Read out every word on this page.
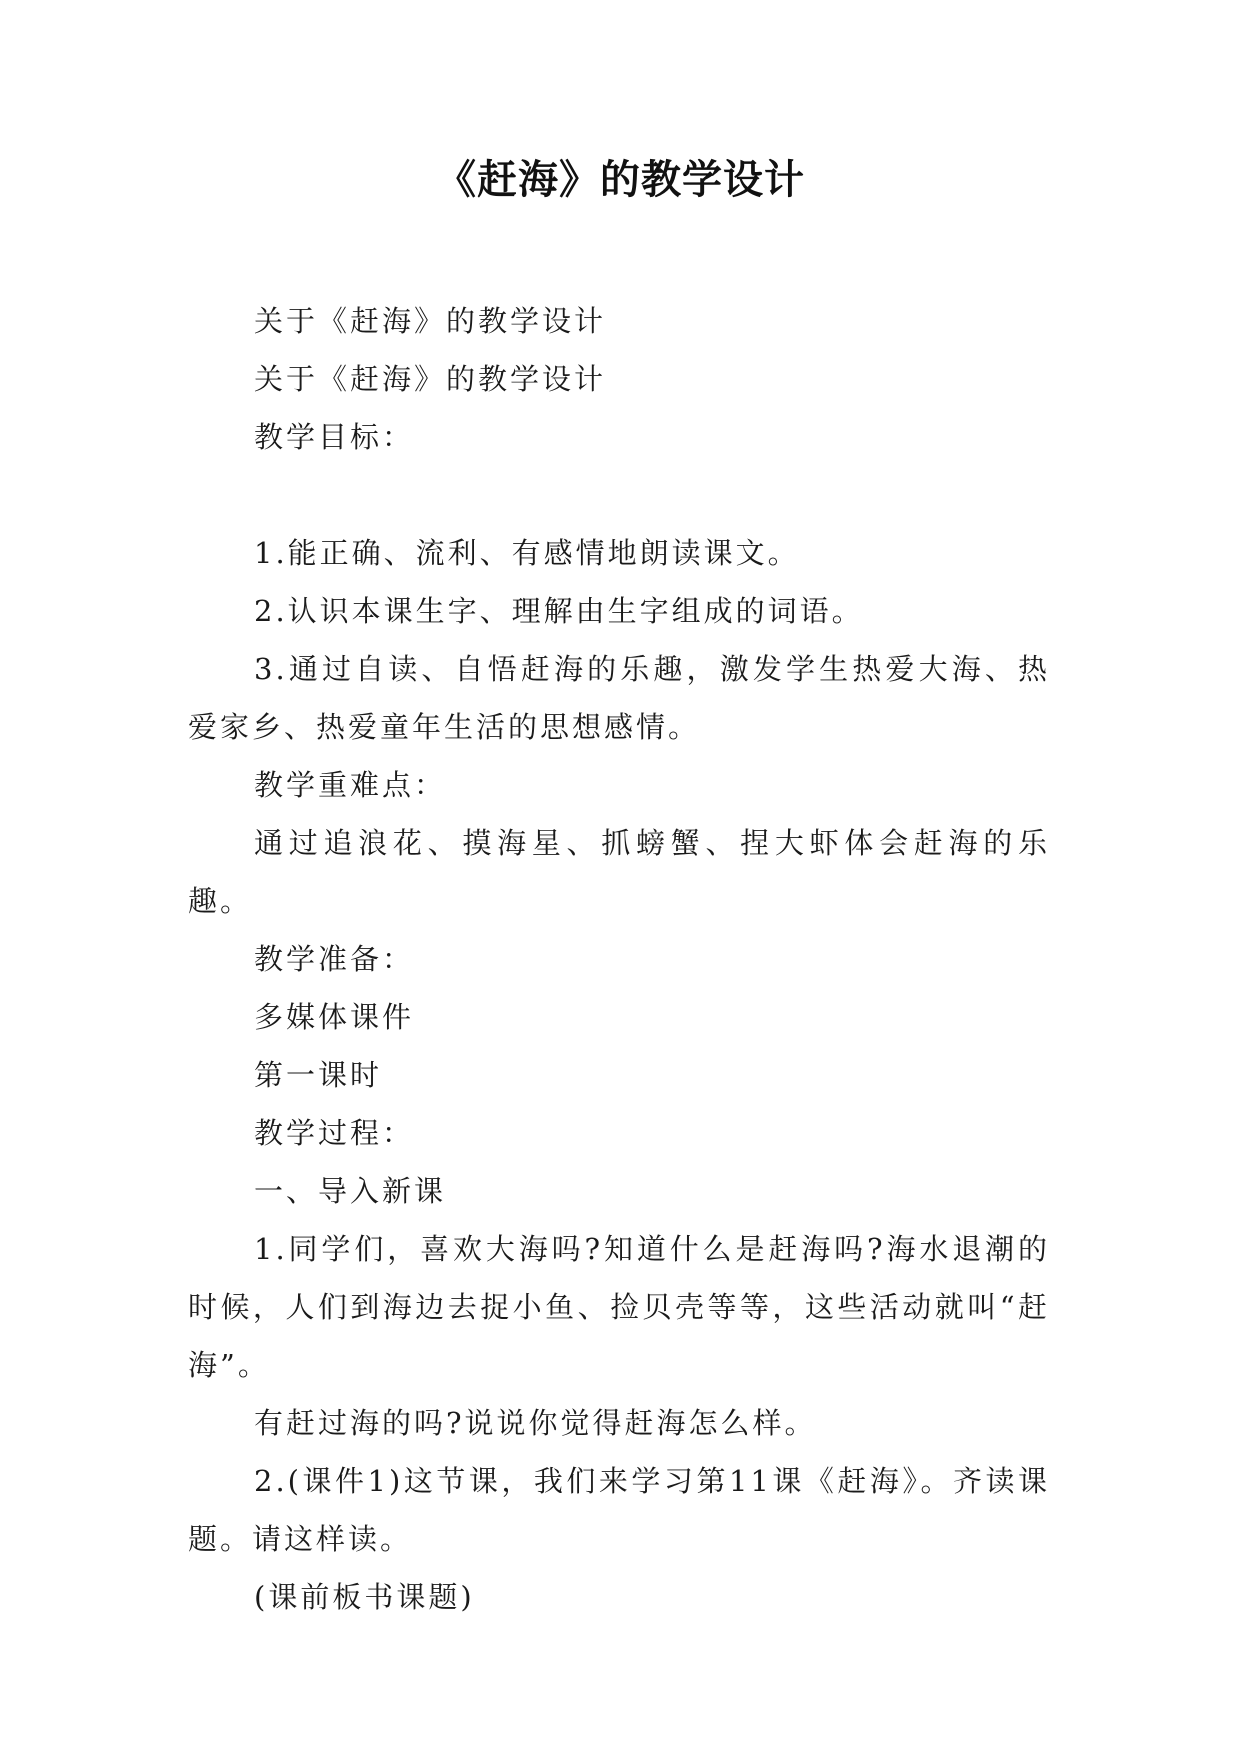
《赶海》的教学设计

关于《赶海》的教学设计

关于《赶海》的教学设计

教学目标：

1.能正确、流利、有感情地朗读课文。

2.认识本课生字、理解由生字组成的词语。

3.通过自读、自悟赶海的乐趣，激发学生热爱大海、热爱家乡、热爱童年生活的思想感情。

教学重难点：

通过追浪花、摸海星、抓螃蟹、捏大虾体会赶海的乐趣。

教学准备：

多媒体课件

第一课时

教学过程：

一、导入新课

1.同学们，喜欢大海吗?知道什么是赶海吗?海水退潮的时候，人们到海边去捉小鱼、捡贝壳等等，这些活动就叫“赶海”。

有赶过海的吗?说说你觉得赶海怎么样。

2.(课件1)这节课，我们来学习第11课《赶海》。齐读课题。请这样读。

(课前板书课题)
